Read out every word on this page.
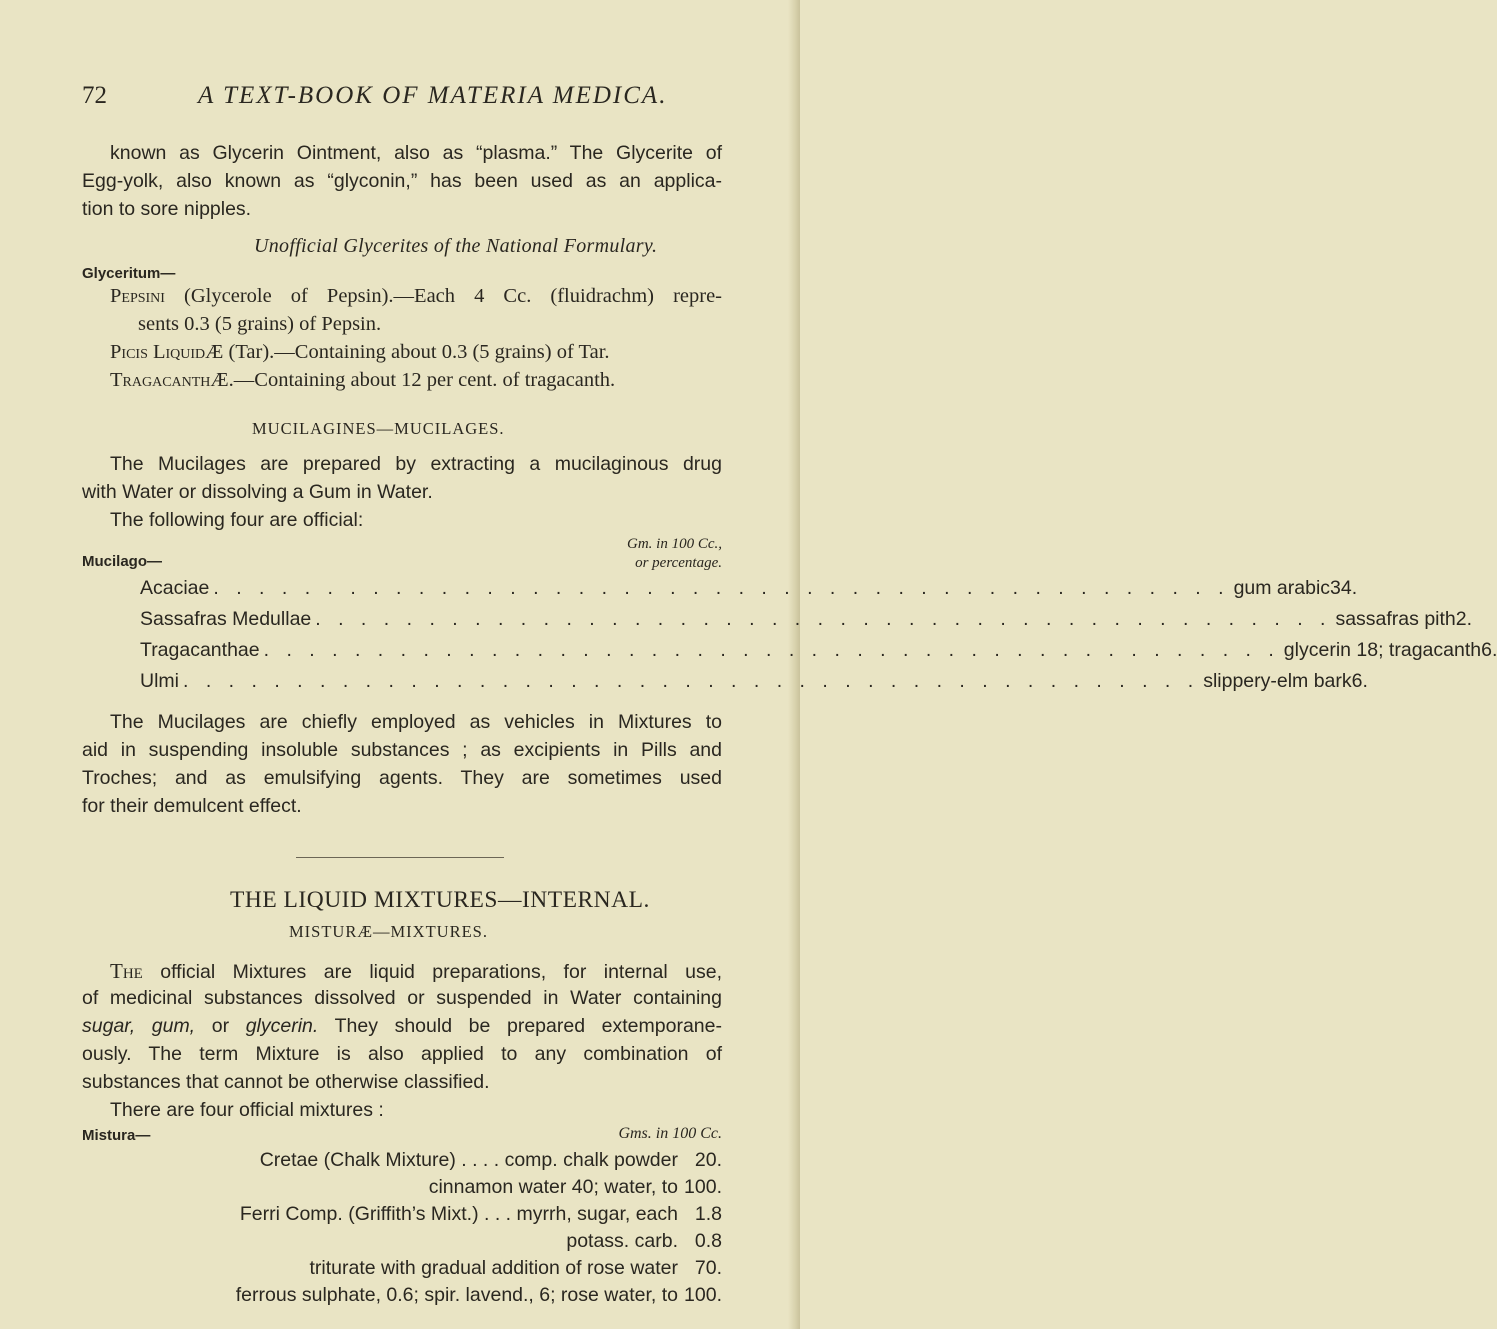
72	A TEXT-BOOK OF MATERIA MEDICA.
known as Glycerin Ointment, also as “plasma.” The Glycerite of
Egg-yolk, also known as “glyconin,” has been used as an applica-
tion to sore nipples.
Unofficial Glycerites of the National Formulary.
Glyceritum—
Pepsini (Glycerole of Pepsin).—Each 4 Cc. (fluidrachm) repre-
sents 0.3 (5 grains) of Pepsin.
Picis LiquidÆ (Tar).—Containing about 0.3 (5 grains) of Tar.
TragacanthÆ.—Containing about 12 per cent. of tragacanth.
MUCILAGINES—MUCILAGES.
The Mucilages are prepared by extracting a mucilaginous drug
with Water or dissolving a Gum in Water.
The following four are official:
Gm. in 100 Cc.,
Mucilago—	or percentage.
Acaciae . . . . . . . . . . . . . . . . . . . . . . . . . . . . . . . . . . . . . . . . . . . . . gum arabic 34.
Sassafras Medullae . . . . . . . . . . . . . . . . . . . . . . . . . . . . . . . . . . . . . . . . . . . . . sassafras pith 2.
Tragacanthae . . . . . . . . . . . . . . . . . . . . . . . . . . . . . . . . . . . . . . . . . . . . . glycerin 18; tragacanth 6.
Ulmi . . . . . . . . . . . . . . . . . . . . . . . . . . . . . . . . . . . . . . . . . . . . . slippery-elm bark 6.
The Mucilages are chiefly employed as vehicles in Mixtures to
aid in suspending insoluble substances ; as excipients in Pills and
Troches; and as emulsifying agents. They are sometimes used
for their demulcent effect.
THE LIQUID MIXTURES—INTERNAL.
MISTURÆ—MIXTURES.
The official Mixtures are liquid preparations, for internal use,
of medicinal substances dissolved or suspended in Water containing
sugar, gum, or glycerin. They should be prepared extemporane-
ously. The term Mixture is also applied to any combination of
substances that cannot be otherwise classified.
There are four official mixtures :
Mistura—	Gms. in 100 Cc.
Cretae (Chalk Mixture) . . . . comp. chalk powder 20.
cinnamon water 40; water, to 100.
Ferri Comp. (Griffith’s Mixt.) . . . myrrh, sugar, each 1.8
potass. carb. 0.8
triturate with gradual addition of rose water 70.
ferrous sulphate, 0.6; spir. lavend., 6; rose water, to 100.
